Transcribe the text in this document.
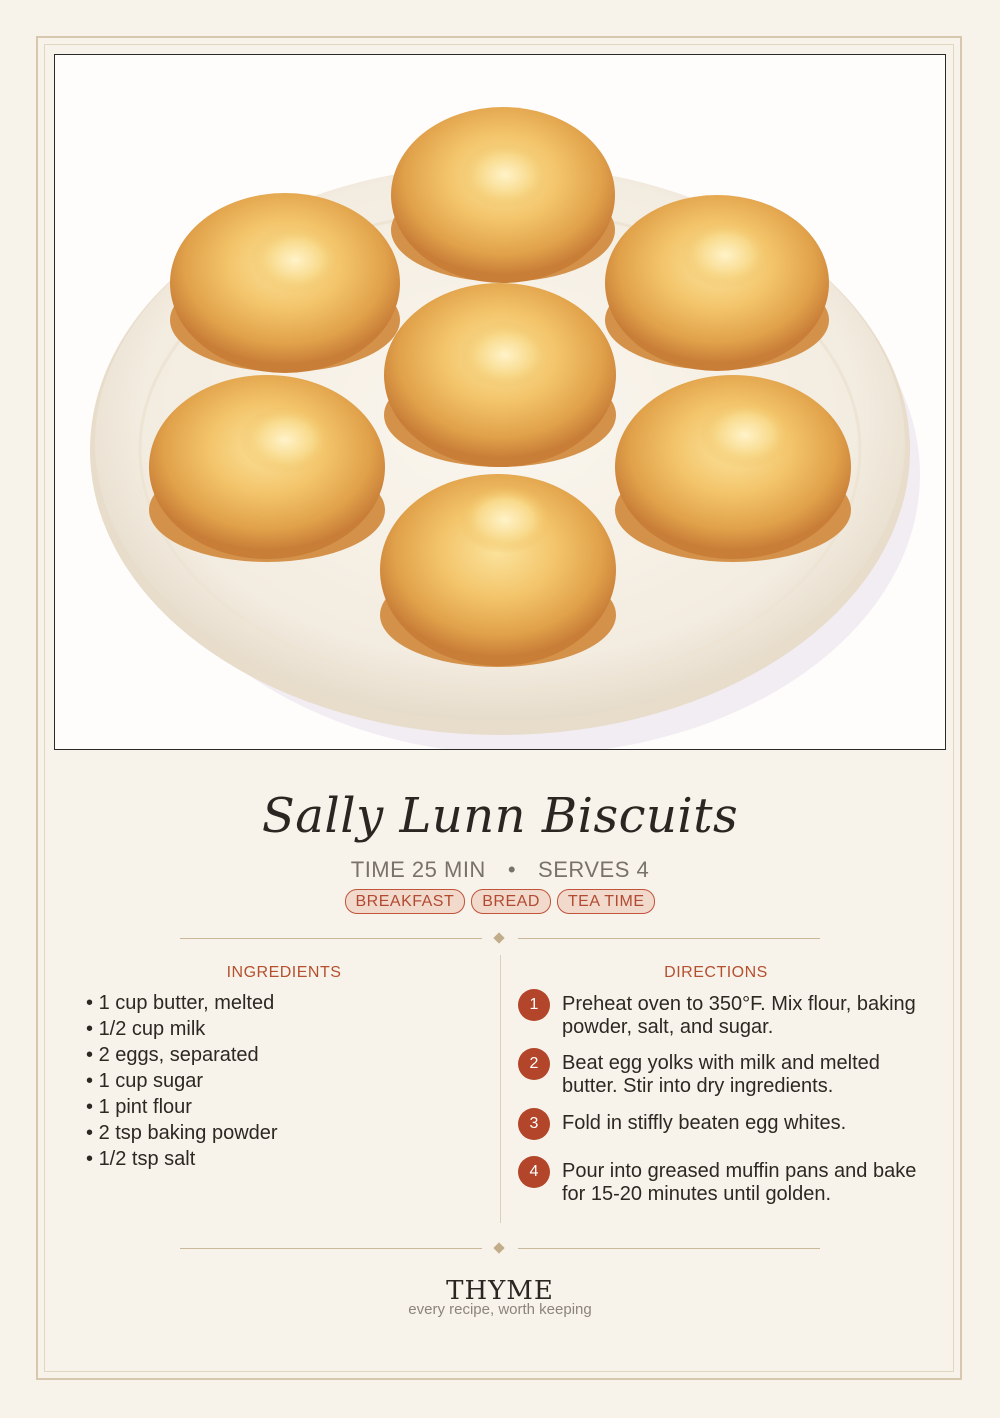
Sally Lunn Biscuits
TIME 25 MIN • SERVES 4
BREAKFAST BREAD TEA TIME
INGREDIENTS
• 1 cup butter, melted
• 1/2 cup milk
• 2 eggs, separated
• 1 cup sugar
• 1 pint flour
• 2 tsp baking powder
• 1/2 tsp salt
DIRECTIONS
1	Preheat oven to 350°F. Mix flour, baking powder, salt, and sugar.
2	Beat egg yolks with milk and melted butter. Stir into dry ingredients.
3	Fold in stiffly beaten egg whites.
4	Pour into greased muffin pans and bake for 15-20 minutes until golden.
THYME
every recipe, worth keeping
